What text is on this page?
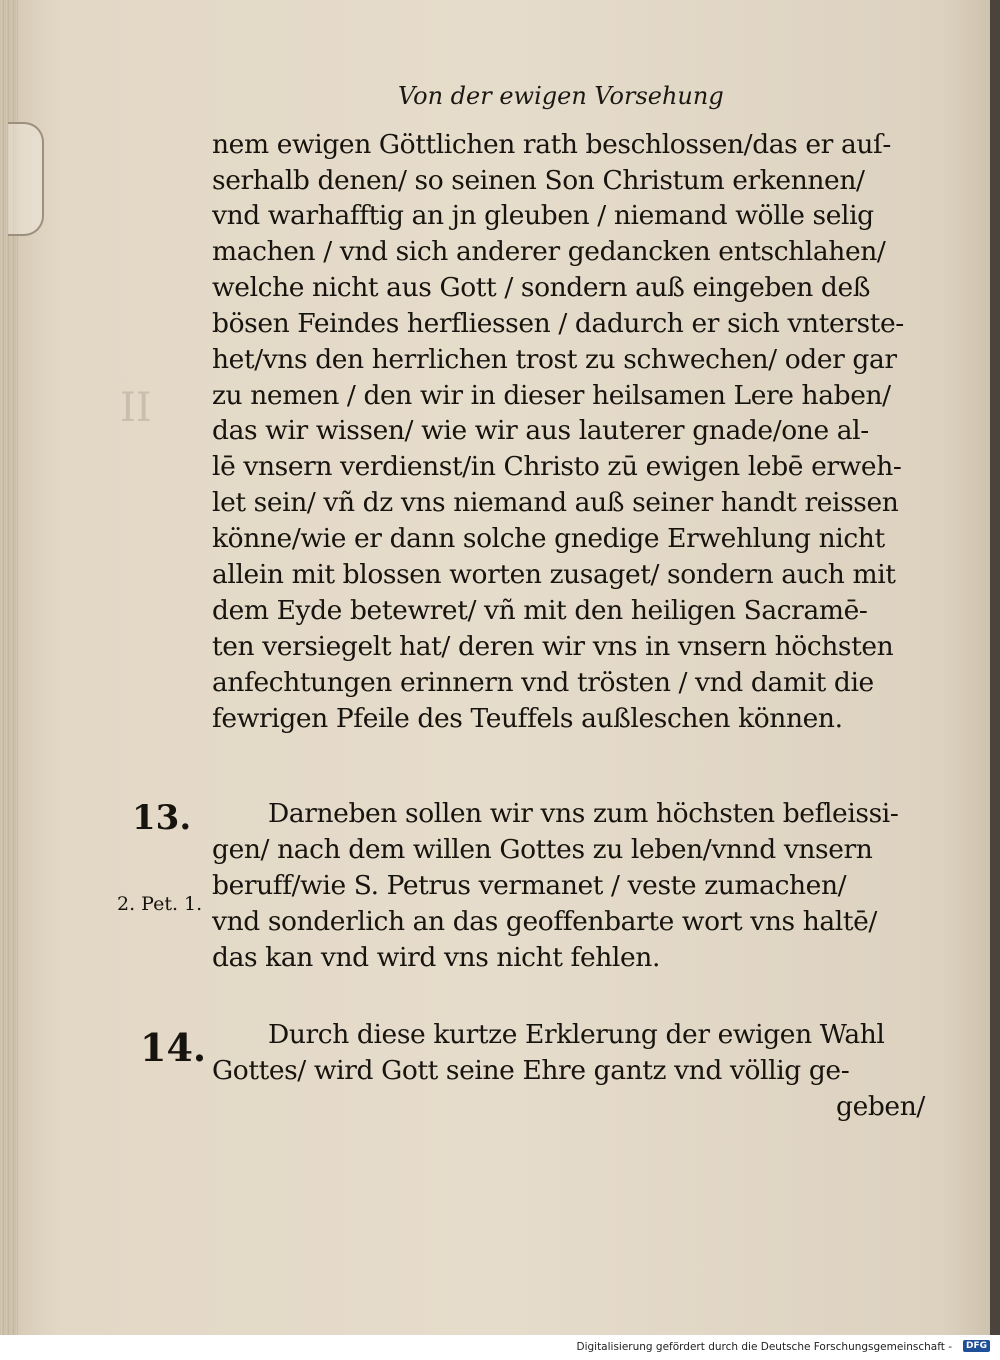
II
Von der ewigen Vorsehung
nem ewigen Göttlichen rath beschlossen/das er auſ-
serhalb denen/ so seinen Son Christum erkennen/
vnd warhafftig an jn gleuben / niemand wölle selig
machen / vnd sich anderer gedancken entschlahen/
welche nicht aus Gott / sondern auß eingeben deß
bösen Feindes herfliessen / dadurch er sich vnterste-
het/vns den herrlichen trost zu schwechen/ oder gar
zu nemen / den wir in dieser heilsamen Lere haben/
das wir wissen/ wie wir aus lauterer gnade/one al-
lē vnsern verdienst/in Christo zū ewigen lebē erweh-
let sein/ vñ dz vns niemand auß seiner handt reissen
könne/wie er dann solche gnedige Erwehlung nicht
allein mit blossen worten zusaget/ sondern auch mit
dem Eyde betewret/ vñ mit den heiligen Sacramē-
ten versiegelt hat/ deren wir vns in vnsern höchsten
anfechtungen erinnern vnd trösten / vnd damit die
fewrigen Pfeile des Teuffels außleschen können.
13.
2. Pet. 1.
Darneben sollen wir vns zum höchsten befleissi-
gen/ nach dem willen Gottes zu leben/vnnd vnsern
beruff/wie S. Petrus vermanet / veste zumachen/
vnd sonderlich an das geoffenbarte wort vns haltē/
das kan vnd wird vns nicht fehlen.
14. Durch diese kurtze Erklerung der ewigen Wahl
Gottes/ wird Gott seine Ehre gantz vnd völlig ge-
geben/
Digitalisierung gefördert durch die Deutsche Forschungsgemeinschaft -	DFG
